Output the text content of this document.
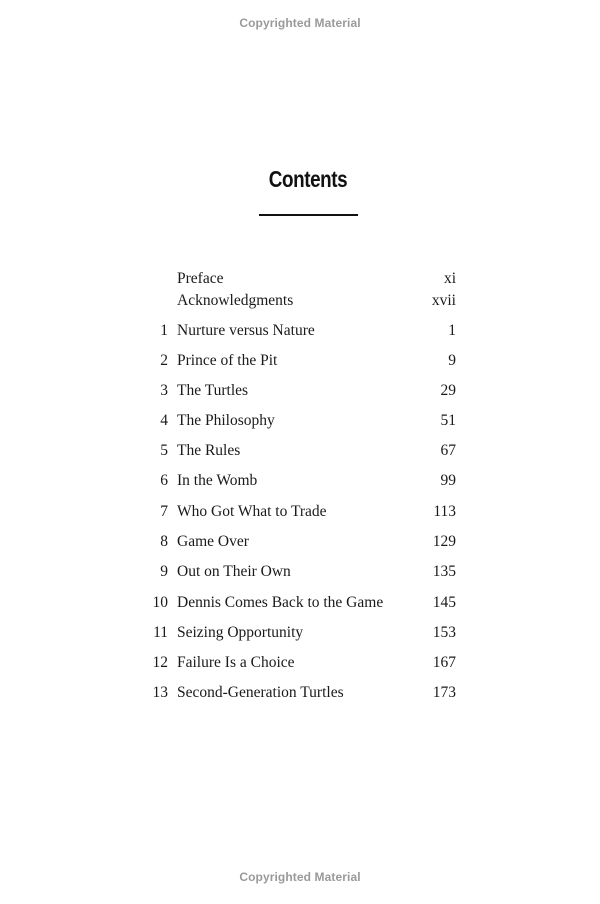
Copyrighted Material
Contents
Preface	xi
Acknowledgments	xvii
1 Nurture versus Nature	1
2 Prince of the Pit	9
3 The Turtles	29
4 The Philosophy	51
5 The Rules	67
6 In the Womb	99
7 Who Got What to Trade	113
8 Game Over	129
9 Out on Their Own	135
10 Dennis Comes Back to the Game	145
11 Seizing Opportunity	153
12 Failure Is a Choice	167
13 Second-Generation Turtles	173
Copyrighted Material
